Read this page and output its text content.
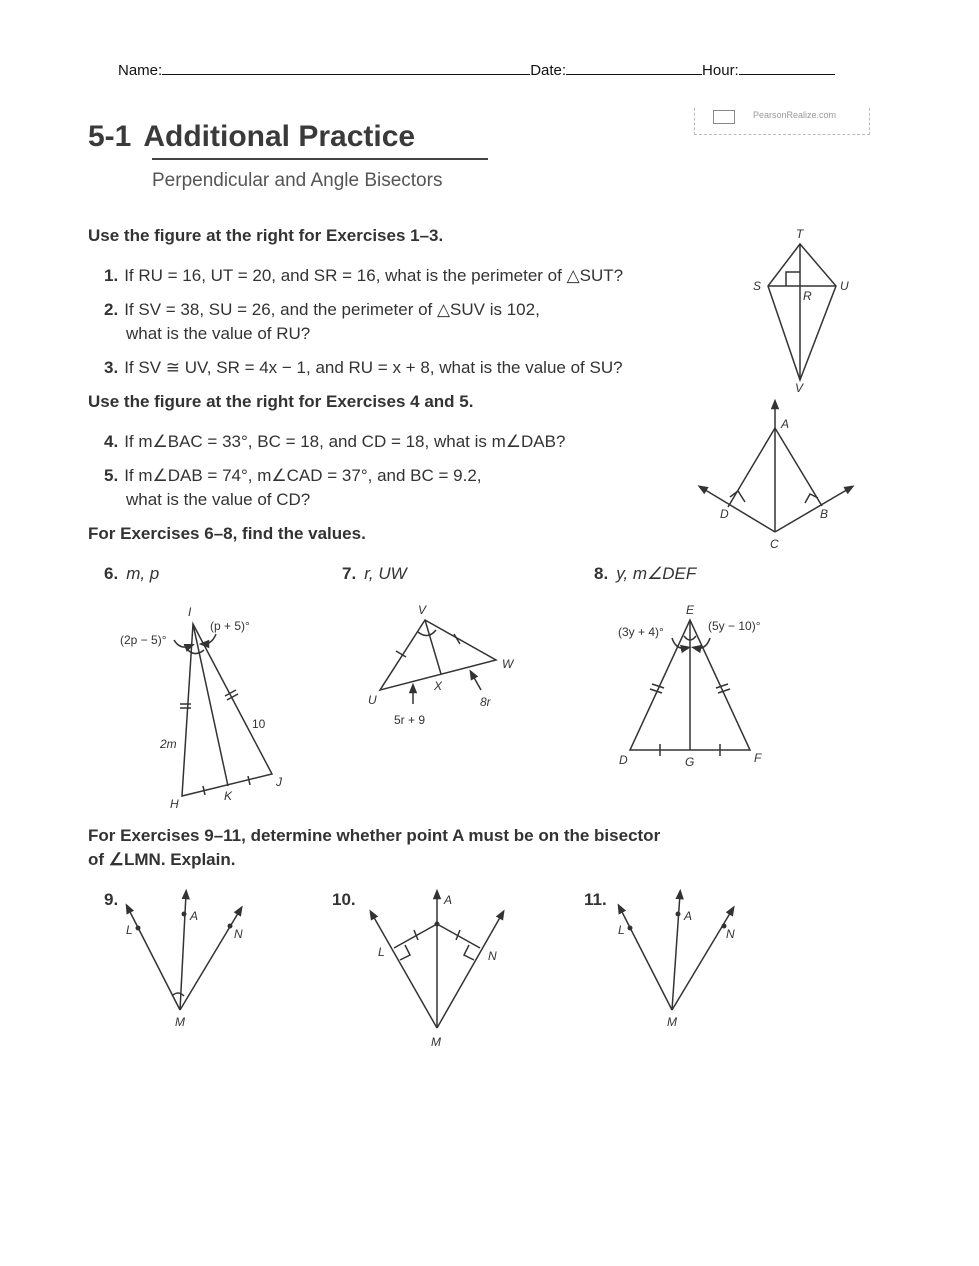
Name:	Date:	Hour:
5-1 Additional Practice
Perpendicular and Angle Bisectors
PearsonRealize.com
Use the figure at the right for Exercises 1–3.
1. If RU = 16, UT = 20, and SR = 16, what is the perimeter of △SUT?
2. If SV = 38, SU = 26, and the perimeter of △SUV is 102,
what is the value of RU?
3. If SV ≅ UV, SR = 4x − 1, and RU = x + 8, what is the value of SU?
Use the figure at the right for Exercises 4 and 5.
4. If m∠BAC = 33°, BC = 18, and CD = 18, what is m∠DAB?
5. If m∠DAB = 74°, m∠CAD = 37°, and BC = 9.2,
what is the value of CD?
For Exercises 6–8, find the values.
6. m, p	7. r, UW	8. y, m∠DEF
For Exercises 9–11, determine whether point A must be on the bisector
of ∠LMN. Explain.
9.	10.	11.
T
S	U
R
V
A
D	B
C
I
(2p − 5)°
(p + 5)°
2m
10
H
K
J
V
U
W
X
5r + 9
8r
E
(3y + 4)°	(5y − 10)°
D	G	F
L
A
N
M
L
A
N
M
L
A
N
M
